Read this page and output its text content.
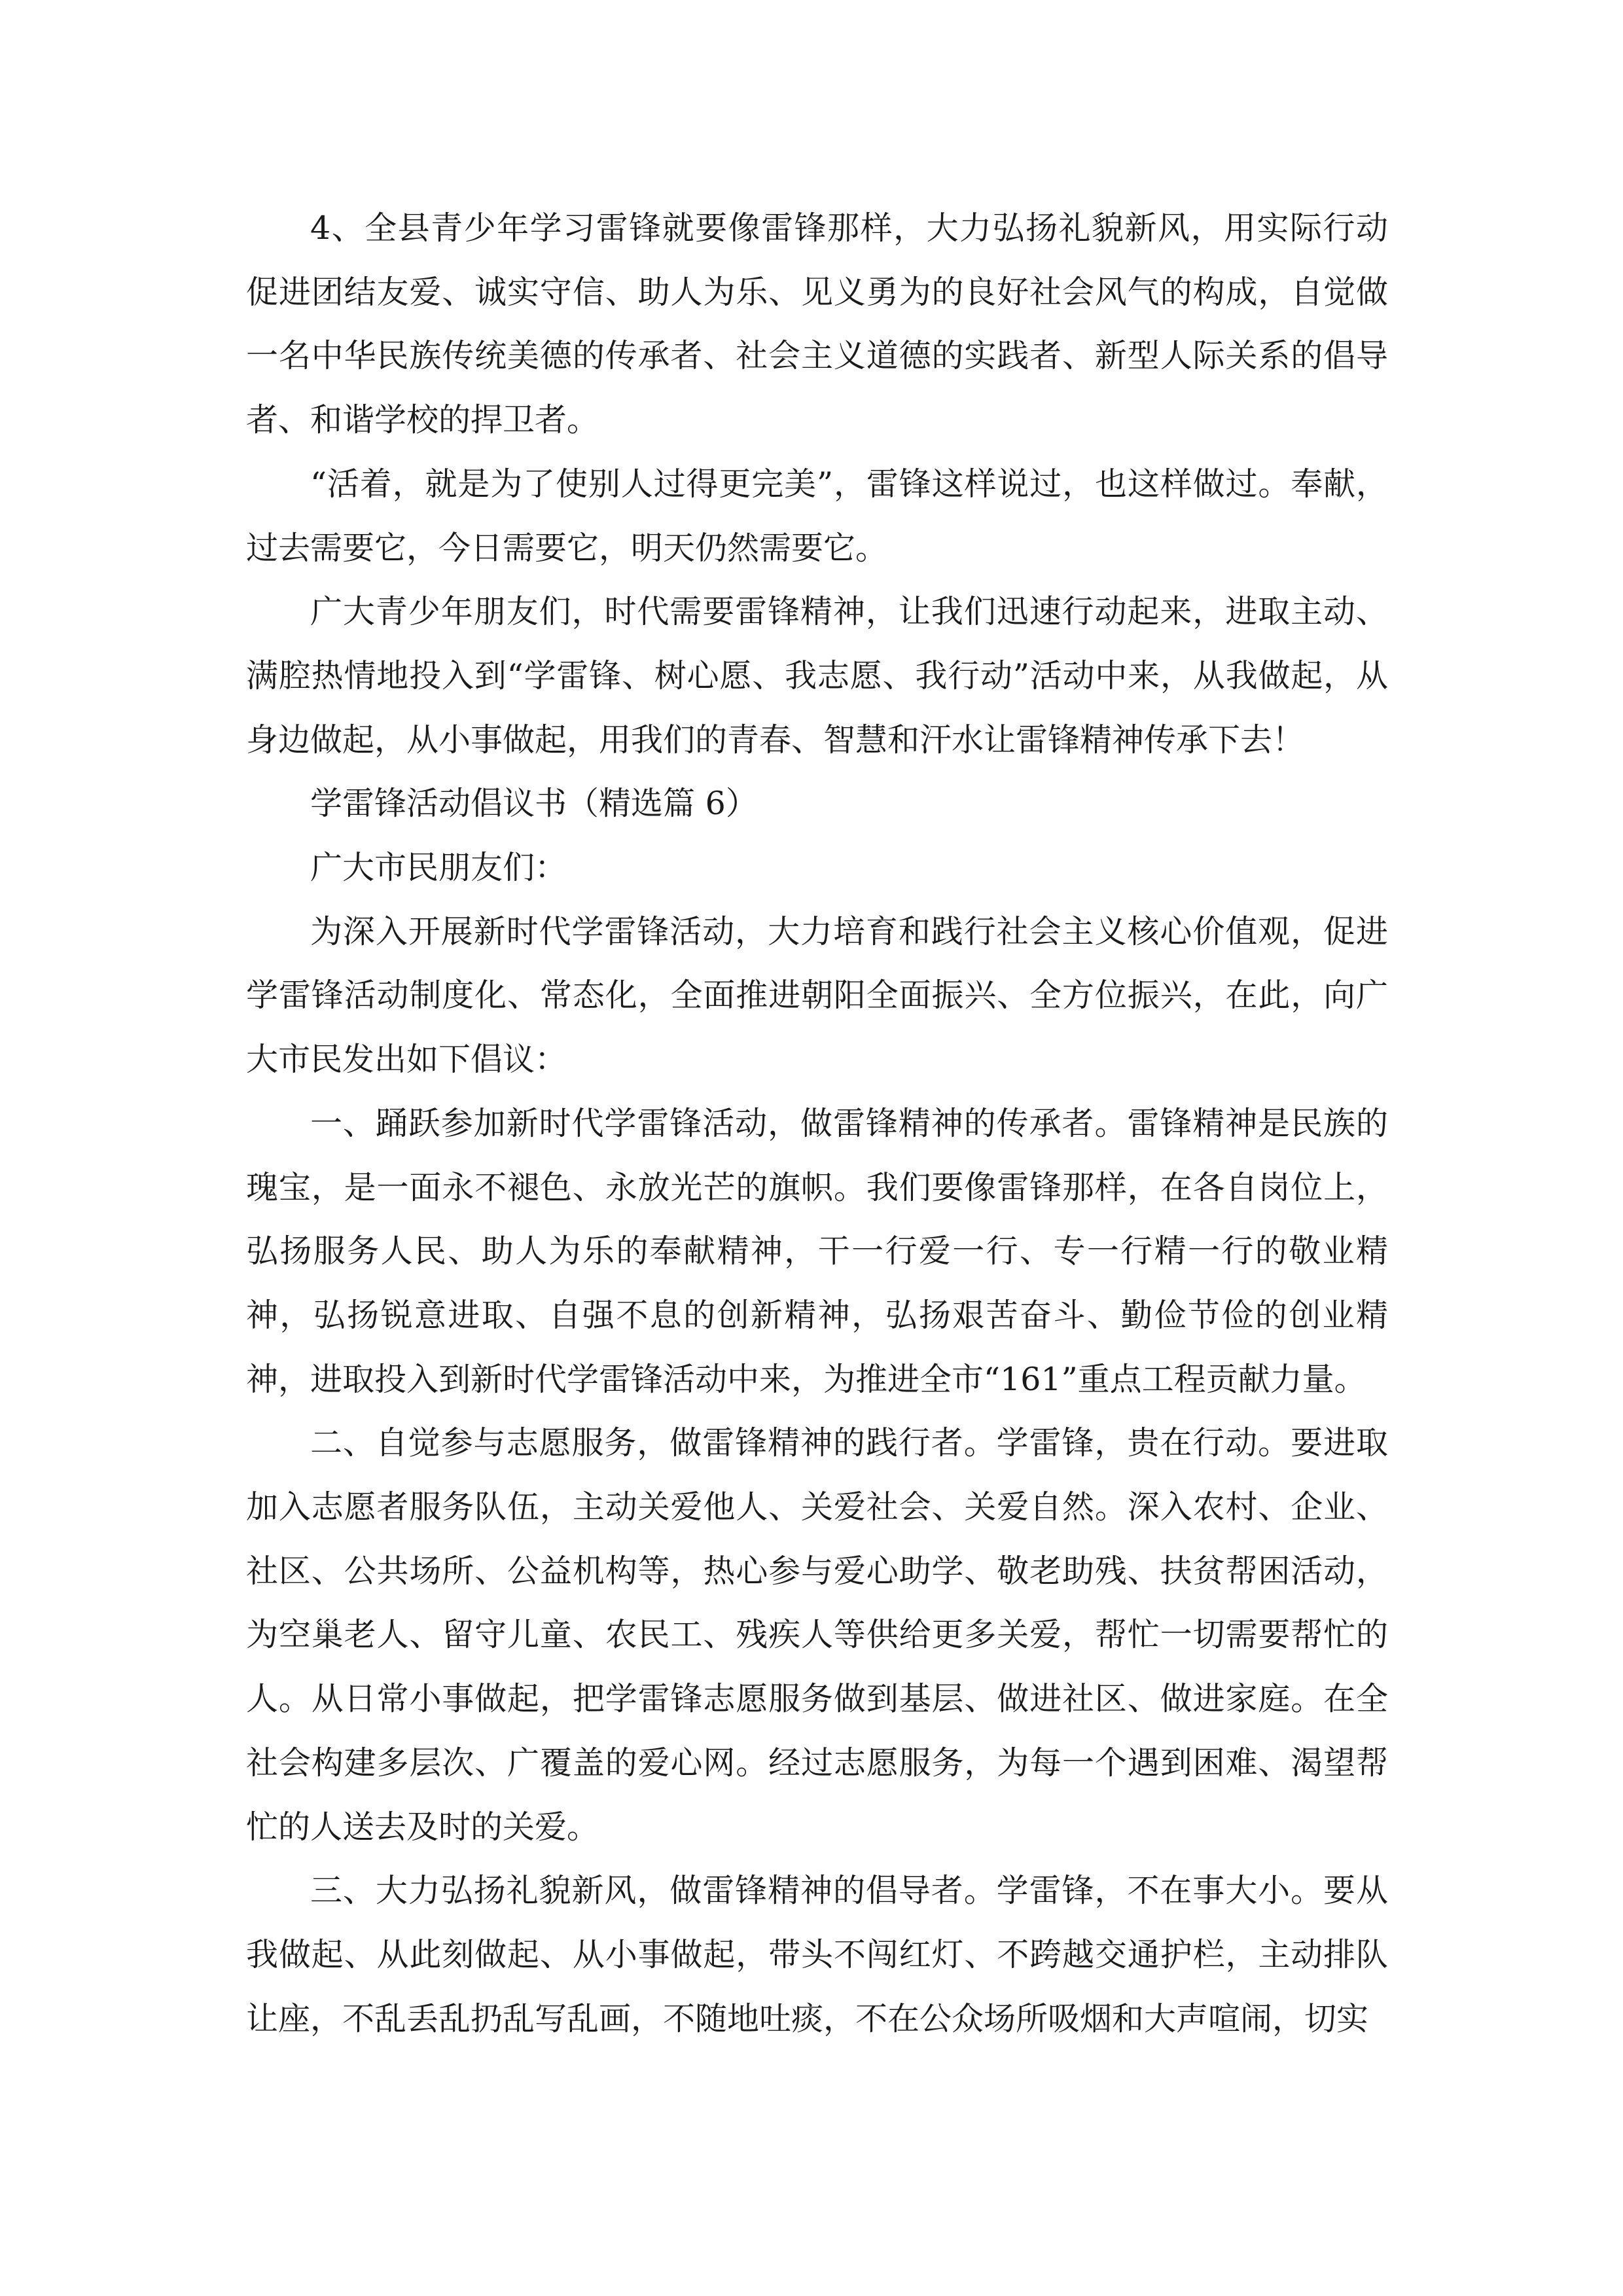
4、全县青少年学习雷锋就要像雷锋那样，大力弘扬礼貌新风，用实际行动促进团结友爱、诚实守信、助人为乐、见义勇为的良好社会风气的构成，自觉做一名中华民族传统美德的传承者、社会主义道德的实践者、新型人际关系的倡导者、和谐学校的捍卫者。

“活着，就是为了使别人过得更完美”，雷锋这样说过，也这样做过。奉献，过去需要它，今日需要它，明天仍然需要它。

广大青少年朋友们，时代需要雷锋精神，让我们迅速行动起来，进取主动、满腔热情地投入到“学雷锋、树心愿、我志愿、我行动”活动中来，从我做起，从身边做起，从小事做起，用我们的青春、智慧和汗水让雷锋精神传承下去！

学雷锋活动倡议书（精选篇 6）

广大市民朋友们：

为深入开展新时代学雷锋活动，大力培育和践行社会主义核心价值观，促进学雷锋活动制度化、常态化，全面推进朝阳全面振兴、全方位振兴，在此，向广大市民发出如下倡议：

一、踊跃参加新时代学雷锋活动，做雷锋精神的传承者。雷锋精神是民族的瑰宝，是一面永不褪色、永放光芒的旗帜。我们要像雷锋那样，在各自岗位上，弘扬服务人民、助人为乐的奉献精神，干一行爱一行、专一行精一行的敬业精神，弘扬锐意进取、自强不息的创新精神，弘扬艰苦奋斗、勤俭节俭的创业精神，进取投入到新时代学雷锋活动中来，为推进全市“161”重点工程贡献力量。

二、自觉参与志愿服务，做雷锋精神的践行者。学雷锋，贵在行动。要进取加入志愿者服务队伍，主动关爱他人、关爱社会、关爱自然。深入农村、企业、社区、公共场所、公益机构等，热心参与爱心助学、敬老助残、扶贫帮困活动，为空巢老人、留守儿童、农民工、残疾人等供给更多关爱，帮忙一切需要帮忙的人。从日常小事做起，把学雷锋志愿服务做到基层、做进社区、做进家庭。在全社会构建多层次、广覆盖的爱心网。经过志愿服务，为每一个遇到困难、渴望帮忙的人送去及时的关爱。

三、大力弘扬礼貌新风，做雷锋精神的倡导者。学雷锋，不在事大小。要从我做起、从此刻做起、从小事做起，带头不闯红灯、不跨越交通护栏，主动排队让座，不乱丢乱扔乱写乱画，不随地吐痰，不在公众场所吸烟和大声喧闹，切实
